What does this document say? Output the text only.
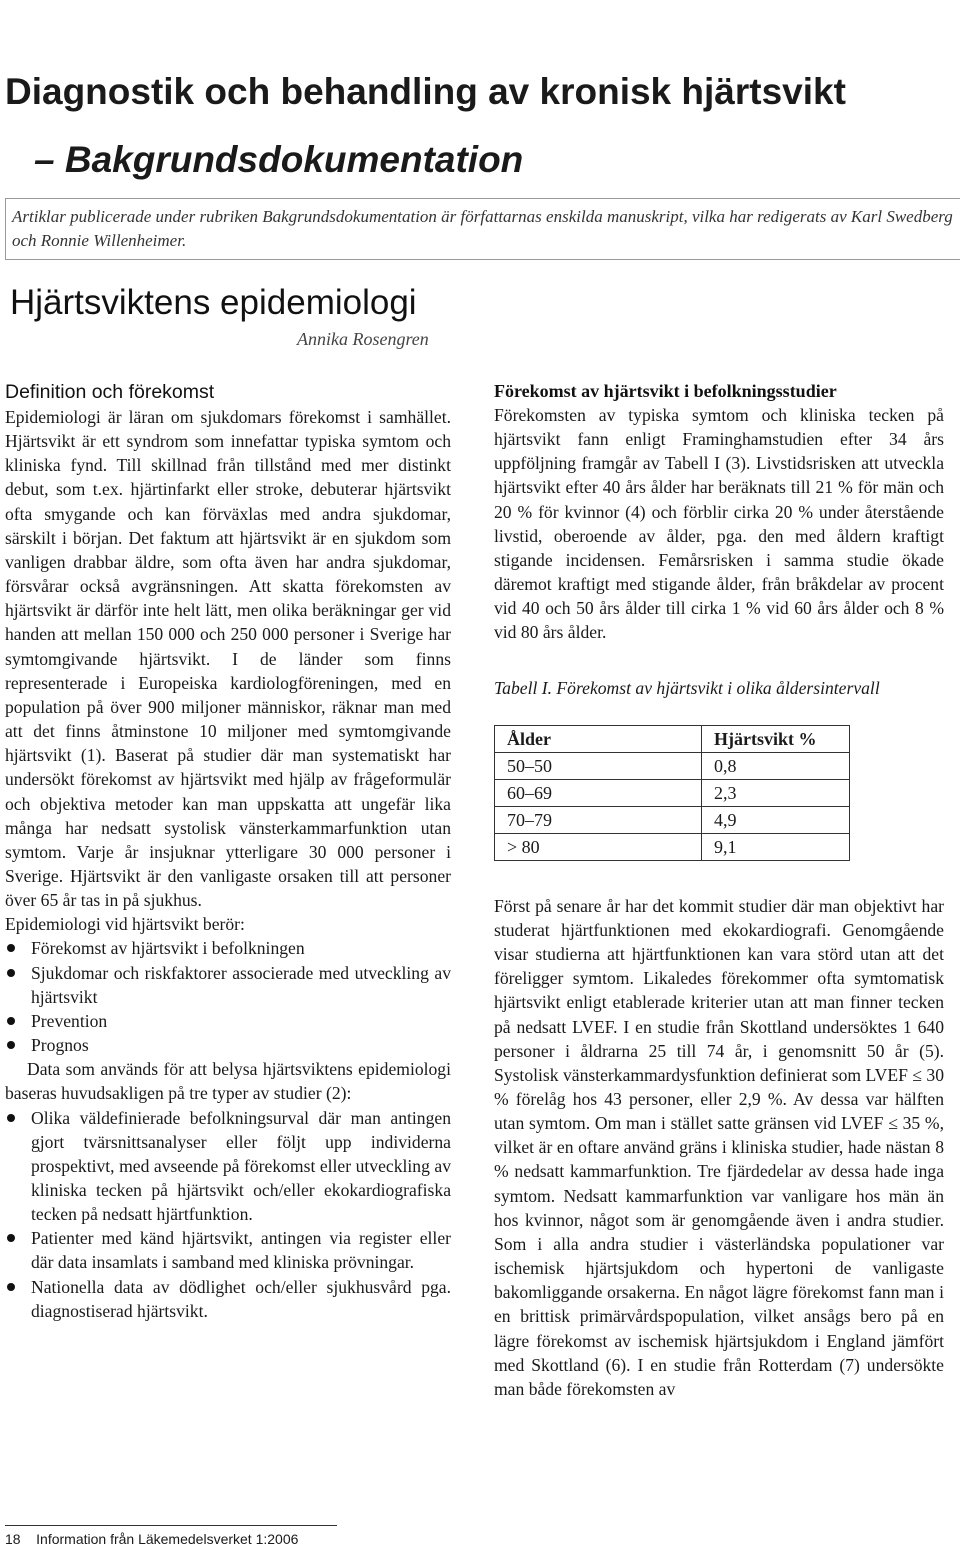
Diagnostik och behandling av kronisk hjärtsvikt
– Bakgrundsdokumentation
Artiklar publicerade under rubriken Bakgrundsdokumentation är författarnas enskilda manuskript, vilka har redigerats av Karl Swedberg och Ronnie Willenheimer.
Hjärtsviktens epidemiologi
Annika Rosengren
Definition och förekomst

Epidemiologi är läran om sjukdomars förekomst i samhället. Hjärtsvikt är ett syndrom som innefattar typiska symtom och kliniska fynd. Till skillnad från tillstånd med mer distinkt debut, som t.ex. hjärtinfarkt eller stroke, debuterar hjärtsvikt ofta smygande och kan förväxlas med andra sjukdomar, särskilt i början. Det faktum att hjärtsvikt är en sjukdom som vanligen drabbar äldre, som ofta även har andra sjukdomar, försvårar också avgränsningen. Att skatta förekomsten av hjärtsvikt är därför inte helt lätt, men olika beräkningar ger vid handen att mellan 150 000 och 250 000 personer i Sverige har symtomgivande hjärtsvikt. I de länder som finns representerade i Europeiska kardiologföreningen, med en population på över 900 miljoner människor, räknar man med att det finns åtminstone 10 miljoner med symtomgivande hjärtsvikt (1). Baserat på studier där man systematiskt har undersökt förekomst av hjärtsvikt med hjälp av frågeformulär och objektiva metoder kan man uppskatta att ungefär lika många har nedsatt systolisk vänsterkammarfunktion utan symtom. Varje år insjuknar ytterligare 30 000 personer i Sverige. Hjärtsvikt är den vanligaste orsaken till att personer över 65 år tas in på sjukhus.

Epidemiologi vid hjärtsvikt berör:

Förekomst av hjärtsvikt i befolkningen
Sjukdomar och riskfaktorer associerade med utveckling av hjärtsvikt
Prevention
Prognos

Data som används för att belysa hjärtsviktens epidemiologi baseras huvudsakligen på tre typer av studier (2):

Olika väldefinierade befolkningsurval där man antingen gjort tvärsnittsanalyser eller följt upp individerna prospektivt, med avseende på förekomst eller utveckling av kliniska tecken på hjärtsvikt och/eller ekokardiografiska tecken på nedsatt hjärtfunktion.
Patienter med känd hjärtsvikt, antingen via register eller där data insamlats i samband med kliniska prövningar.
Nationella data av dödlighet och/eller sjukhusvård pga. diagnostiserad hjärtsvikt.
Förekomst av hjärtsvikt i befolkningsstudier

Förekomsten av typiska symtom och kliniska tecken på hjärtsvikt fann enligt Framinghamstudien efter 34 års uppföljning framgår av Tabell I (3). Livstidsrisken att utveckla hjärtsvikt efter 40 års ålder har beräknats till 21 % för män och 20 % för kvinnor (4) och förblir cirka 20 % under återstående livstid, oberoende av ålder, pga. den med åldern kraftigt stigande incidensen. Femårsrisken i samma studie ökade däremot kraftigt med stigande ålder, från bråkdelar av procent vid 40 och 50 års ålder till cirka 1 % vid 60 års ålder och 8 % vid 80 års ålder.

Tabell I. Förekomst av hjärtsvikt i olika åldersintervall
Ålder	Hjärtsvikt %
50–50	0,8
60–69	2,3
70–79	4,9
> 80	9,1

Först på senare år har det kommit studier där man objektivt har studerat hjärtfunktionen med ekokardiografi. Genomgående visar studierna att hjärtfunktionen kan vara störd utan att det föreligger symtom. Likaledes förekommer ofta symtomatisk hjärtsvikt enligt etablerade kriterier utan att man finner tecken på nedsatt LVEF. I en studie från Skottland undersöktes 1 640 personer i åldrarna 25 till 74 år, i genomsnitt 50 år (5). Systolisk vänsterkammardysfunktion definierat som LVEF ≤ 30 % förelåg hos 43 personer, eller 2,9 %. Av dessa var hälften utan symtom. Om man i stället satte gränsen vid LVEF ≤ 35 %, vilket är en oftare använd gräns i kliniska studier, hade nästan 8 % nedsatt kammarfunktion. Tre fjärdedelar av dessa hade inga symtom. Nedsatt kammarfunktion var vanligare hos män än hos kvinnor, något som är genomgående även i andra studier. Som i alla andra studier i västerländska populationer var ischemisk hjärtsjukdom och hypertoni de vanligaste bakomliggande orsakerna. En något lägre förekomst fann man i en brittisk primärvårdspopulation, vilket ansågs bero på en lägre förekomst av ischemisk hjärtsjukdom i England jämfört med Skottland (6). I en studie från Rotterdam (7) undersökte man både förekomsten av

18 Information från Läkemedelsverket 1:2006
